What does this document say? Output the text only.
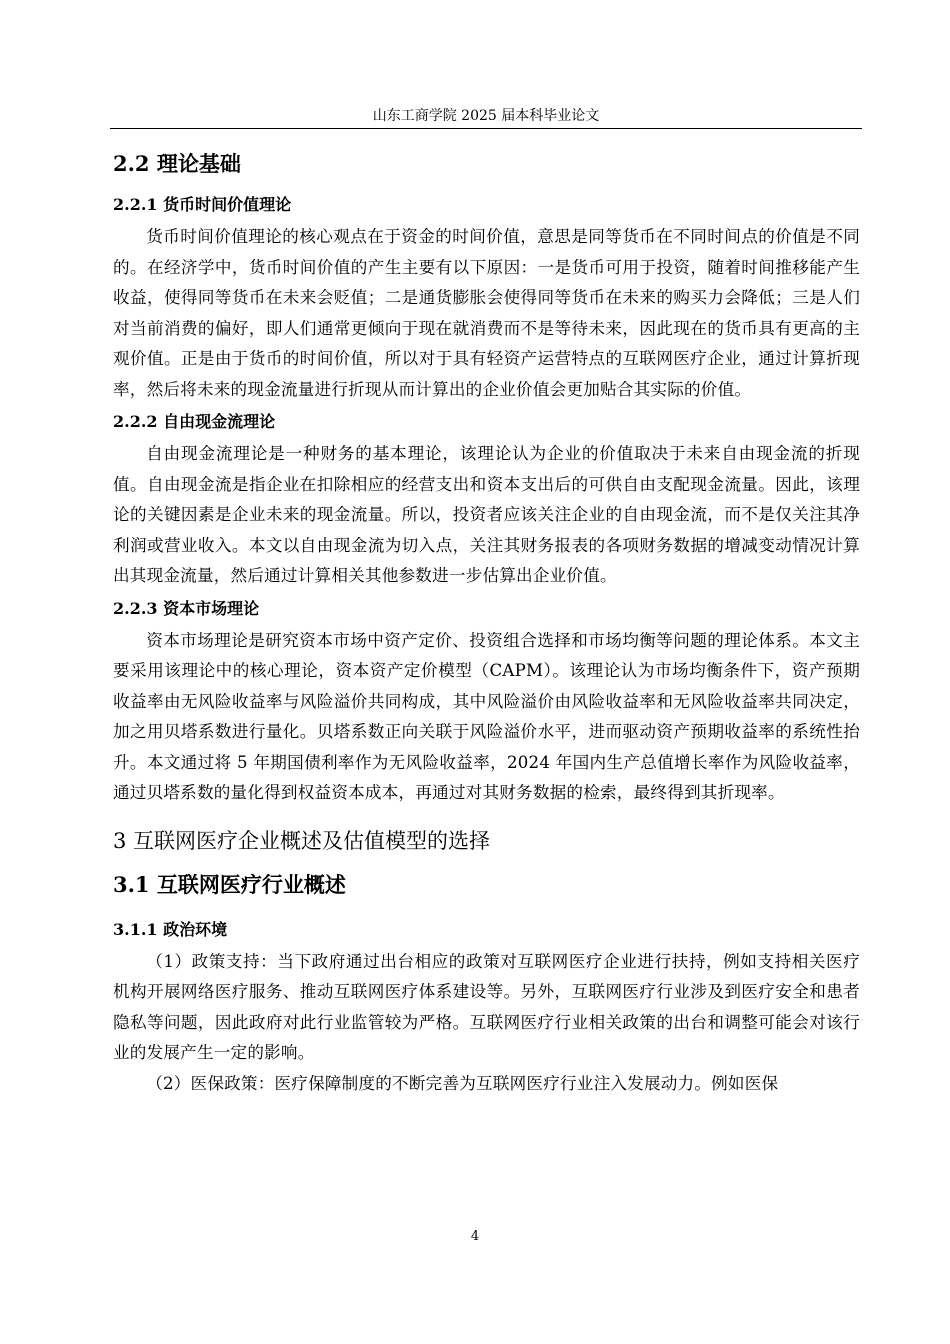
山东工商学院 2025 届本科毕业论文
2.2 理论基础
2.2.1 货币时间价值理论

货币时间价值理论的核心观点在于资金的时间价值，意思是同等货币在不同时间点的价值是不同的。在经济学中，货币时间价值的产生主要有以下原因：一是货币可用于投资，随着时间推移能产生收益，使得同等货币在未来会贬值；二是通货膨胀会使得同等货币在未来的购买力会降低；三是人们对当前消费的偏好，即人们通常更倾向于现在就消费而不是等待未来，因此现在的货币具有更高的主观价值。正是由于货币的时间价值，所以对于具有轻资产运营特点的互联网医疗企业，通过计算折现率，然后将未来的现金流量进行折现从而计算出的企业价值会更加贴合其实际的价值。

2.2.2 自由现金流理论

自由现金流理论是一种财务的基本理论，该理论认为企业的价值取决于未来自由现金流的折现值。自由现金流是指企业在扣除相应的经营支出和资本支出后的可供自由支配现金流量。因此，该理论的关键因素是企业未来的现金流量。所以，投资者应该关注企业的自由现金流，而不是仅关注其净利润或营业收入。本文以自由现金流为切入点，关注其财务报表的各项财务数据的增减变动情况计算出其现金流量，然后通过计算相关其他参数进一步估算出企业价值。

2.2.3 资本市场理论

资本市场理论是研究资本市场中资产定价、投资组合选择和市场均衡等问题的理论体系。本文主要采用该理论中的核心理论，资本资产定价模型（CAPM）。该理论认为市场均衡条件下，资产预期收益率由无风险收益率与风险溢价共同构成，其中风险溢价由风险收益率和无风险收益率共同决定，加之用贝塔系数进行量化。贝塔系数正向关联于风险溢价水平，进而驱动资产预期收益率的系统性抬升。本文通过将 5 年期国债利率作为无风险收益率，2024 年国内生产总值增长率作为风险收益率，通过贝塔系数的量化得到权益资本成本，再通过对其财务数据的检索，最终得到其折现率。

3 互联网医疗企业概述及估值模型的选择
3.1 互联网医疗行业概述
3.1.1 政治环境

（1）政策支持：当下政府通过出台相应的政策对互联网医疗企业进行扶持，例如支持相关医疗机构开展网络医疗服务、推动互联网医疗体系建设等。另外，互联网医疗行业涉及到医疗安全和患者隐私等问题，因此政府对此行业监管较为严格。互联网医疗行业相关政策的出台和调整可能会对该行业的发展产生一定的影响。

（2）医保政策：医疗保障制度的不断完善为互联网医疗行业注入发展动力。例如医保

4
